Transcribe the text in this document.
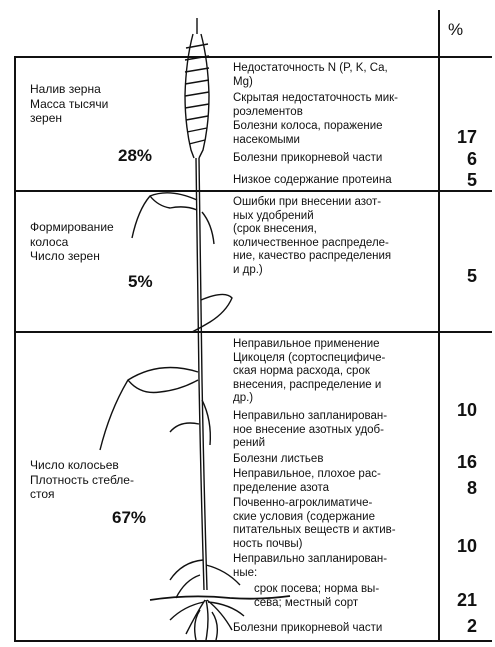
%
Налив зерна
Масса тысячи
зерен
28%
Недостаточность N (P, K, Ca,
Mg)
Скрытая недостаточность мик-
роэлементов
Болезни колоса, поражение
насекомыми	17
Болезни прикорневой части	6
Низкое содержание протеина	5
Формирование
колоса
Число зерен
5%
Ошибки при внесении азот-
ных удобрений
(срок внесения,
количественное распределе-
ние, качество распределения
и др.)	5
Число колосьев
Плотность стебле-
стоя
67%
Неправильное применение
Цикоцеля (сортоспецифиче-
ская норма расхода, срок
внесения, распределение и
др.)
10
Неправильно запланирован-
ное внесение азотных удоб-
рений
Болезни листьев	16
Неправильное, плохое рас-
пределение азота	8
Почвенно-агроклиматиче-
ские условия (содержание
питательных веществ и актив-
ность почвы)	10
Неправильно запланирован-
ные:
срок посева; норма вы-
сева; местный сорт	21
Болезни прикорневой части	2
